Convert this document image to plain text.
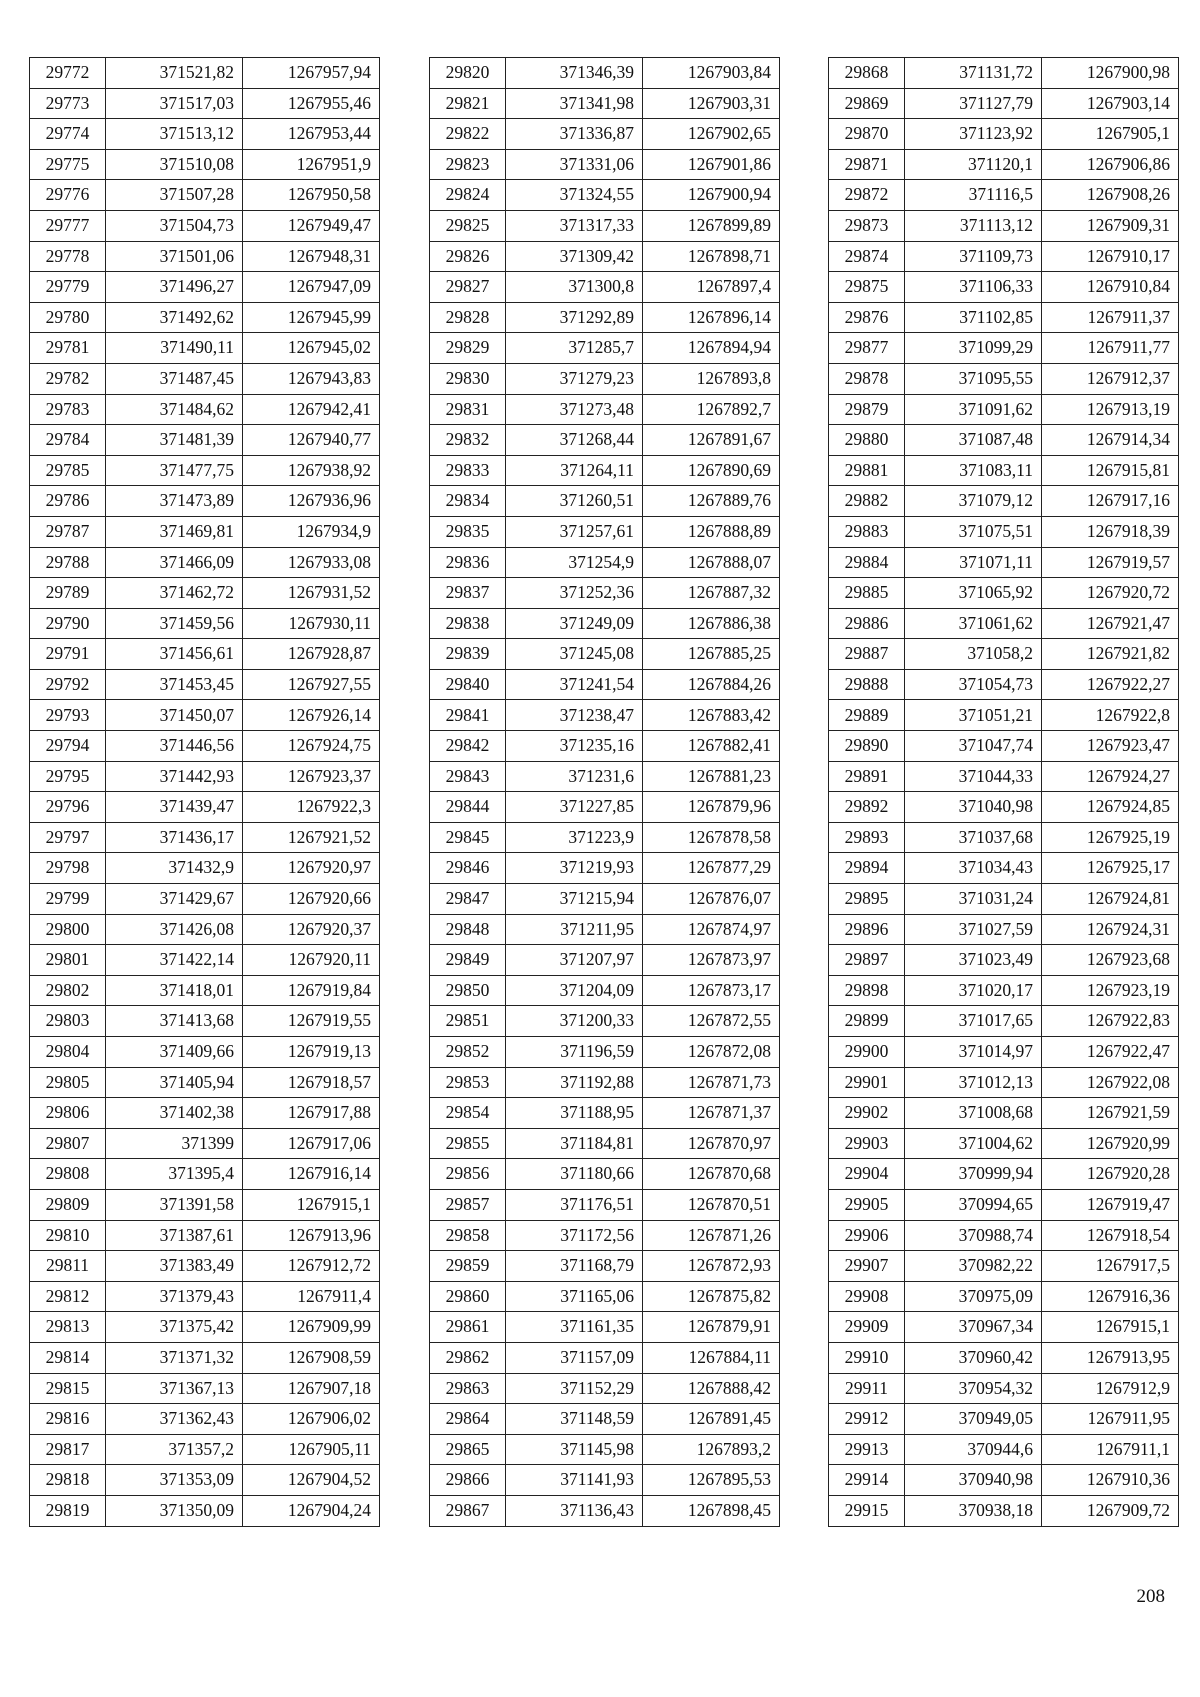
29772	371521,82	1267957,94
29773	371517,03	1267955,46
29774	371513,12	1267953,44
29775	371510,08	1267951,9
29776	371507,28	1267950,58
29777	371504,73	1267949,47
29778	371501,06	1267948,31
29779	371496,27	1267947,09
29780	371492,62	1267945,99
29781	371490,11	1267945,02
29782	371487,45	1267943,83
29783	371484,62	1267942,41
29784	371481,39	1267940,77
29785	371477,75	1267938,92
29786	371473,89	1267936,96
29787	371469,81	1267934,9
29788	371466,09	1267933,08
29789	371462,72	1267931,52
29790	371459,56	1267930,11
29791	371456,61	1267928,87
29792	371453,45	1267927,55
29793	371450,07	1267926,14
29794	371446,56	1267924,75
29795	371442,93	1267923,37
29796	371439,47	1267922,3
29797	371436,17	1267921,52
29798	371432,9	1267920,97
29799	371429,67	1267920,66
29800	371426,08	1267920,37
29801	371422,14	1267920,11
29802	371418,01	1267919,84
29803	371413,68	1267919,55
29804	371409,66	1267919,13
29805	371405,94	1267918,57
29806	371402,38	1267917,88
29807	371399	1267917,06
29808	371395,4	1267916,14
29809	371391,58	1267915,1
29810	371387,61	1267913,96
29811	371383,49	1267912,72
29812	371379,43	1267911,4
29813	371375,42	1267909,99
29814	371371,32	1267908,59
29815	371367,13	1267907,18
29816	371362,43	1267906,02
29817	371357,2	1267905,11
29818	371353,09	1267904,52
29819	371350,09	1267904,24
29820	371346,39	1267903,84
29821	371341,98	1267903,31
29822	371336,87	1267902,65
29823	371331,06	1267901,86
29824	371324,55	1267900,94
29825	371317,33	1267899,89
29826	371309,42	1267898,71
29827	371300,8	1267897,4
29828	371292,89	1267896,14
29829	371285,7	1267894,94
29830	371279,23	1267893,8
29831	371273,48	1267892,7
29832	371268,44	1267891,67
29833	371264,11	1267890,69
29834	371260,51	1267889,76
29835	371257,61	1267888,89
29836	371254,9	1267888,07
29837	371252,36	1267887,32
29838	371249,09	1267886,38
29839	371245,08	1267885,25
29840	371241,54	1267884,26
29841	371238,47	1267883,42
29842	371235,16	1267882,41
29843	371231,6	1267881,23
29844	371227,85	1267879,96
29845	371223,9	1267878,58
29846	371219,93	1267877,29
29847	371215,94	1267876,07
29848	371211,95	1267874,97
29849	371207,97	1267873,97
29850	371204,09	1267873,17
29851	371200,33	1267872,55
29852	371196,59	1267872,08
29853	371192,88	1267871,73
29854	371188,95	1267871,37
29855	371184,81	1267870,97
29856	371180,66	1267870,68
29857	371176,51	1267870,51
29858	371172,56	1267871,26
29859	371168,79	1267872,93
29860	371165,06	1267875,82
29861	371161,35	1267879,91
29862	371157,09	1267884,11
29863	371152,29	1267888,42
29864	371148,59	1267891,45
29865	371145,98	1267893,2
29866	371141,93	1267895,53
29867	371136,43	1267898,45
29868	371131,72	1267900,98
29869	371127,79	1267903,14
29870	371123,92	1267905,1
29871	371120,1	1267906,86
29872	371116,5	1267908,26
29873	371113,12	1267909,31
29874	371109,73	1267910,17
29875	371106,33	1267910,84
29876	371102,85	1267911,37
29877	371099,29	1267911,77
29878	371095,55	1267912,37
29879	371091,62	1267913,19
29880	371087,48	1267914,34
29881	371083,11	1267915,81
29882	371079,12	1267917,16
29883	371075,51	1267918,39
29884	371071,11	1267919,57
29885	371065,92	1267920,72
29886	371061,62	1267921,47
29887	371058,2	1267921,82
29888	371054,73	1267922,27
29889	371051,21	1267922,8
29890	371047,74	1267923,47
29891	371044,33	1267924,27
29892	371040,98	1267924,85
29893	371037,68	1267925,19
29894	371034,43	1267925,17
29895	371031,24	1267924,81
29896	371027,59	1267924,31
29897	371023,49	1267923,68
29898	371020,17	1267923,19
29899	371017,65	1267922,83
29900	371014,97	1267922,47
29901	371012,13	1267922,08
29902	371008,68	1267921,59
29903	371004,62	1267920,99
29904	370999,94	1267920,28
29905	370994,65	1267919,47
29906	370988,74	1267918,54
29907	370982,22	1267917,5
29908	370975,09	1267916,36
29909	370967,34	1267915,1
29910	370960,42	1267913,95
29911	370954,32	1267912,9
29912	370949,05	1267911,95
29913	370944,6	1267911,1
29914	370940,98	1267910,36
29915	370938,18	1267909,72
208
